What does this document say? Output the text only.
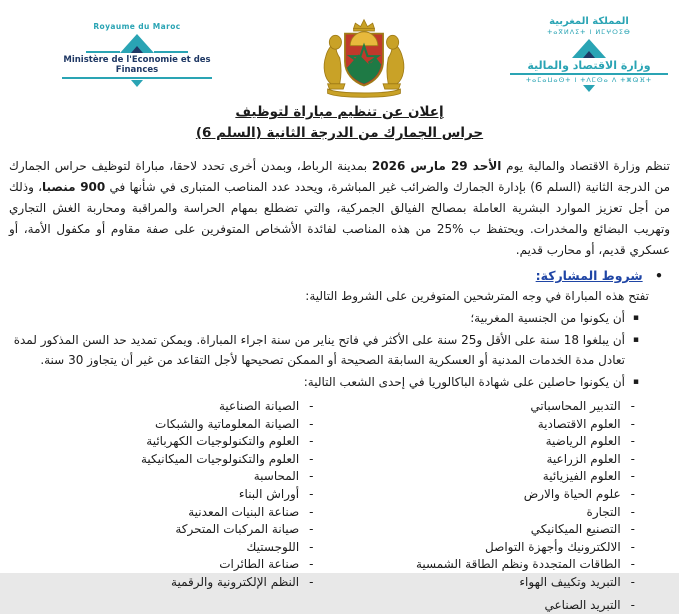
Royaume du Maroc
Ministère de l'Economie et des Finances
المملكة المغربية
ⵜⴰⴳⵍⴷⵉⵜ ⵏ ⵍⵎⵖⵔⵉⴱ
وزارة الاقتصاد والمالية
ⵜⴰⵎⴰⵡⴰⵙⵜ ⵏ ⵜⴷⵎⵙⴰ ⴷ ⵜⵥⵕⴼⵜ
إعلان عن تنظيم مباراة لتوظيف
حراس الجمارك من الدرجة الثانية (السلم 6)

تنظم وزارة الاقتصاد والمالية يوم الأحد 29 مارس 2026 بمدينة الرباط، وبمدن أخرى تحدد لاحقا، مباراة لتوظيف حراس الجمارك من الدرجة الثانية (السلم 6) بإدارة الجمارك والضرائب غير المباشرة، ويحدد عدد المناصب المتبارى في شأنها في 900 منصبا، وذلك من أجل تعزيز الموارد البشرية العاملة بمصالح الفيالق الجمركية، والتي تضطلع بمهام الحراسة والمراقبة ومحاربة الغش التجاري وتهريب البضائع والمخدرات. ويحتفظ ب %25 من هذه المناصب لفائدة الأشخاص المتوفرين على صفة مقاوم أو مكفول الأمة، أو عسكري قديم، أو محارب قديم.

• شروط المشاركة:
تفتح هذه المباراة في وجه المترشحين المتوفرين على الشروط التالية:
▪ أن يكونوا من الجنسية المغربية؛
▪ أن يبلغوا 18 سنة على الأقل و25 سنة على الأكثر في فاتح يناير من سنة اجراء المباراة. ويمكن تمديد حد السن المذكور لمدة تعادل مدة الخدمات المدنية أو العسكرية السابقة الصحيحة أو الممكن تصحيحها لأجل التقاعد من غير أن يتجاوز 30 سنة.
▪ أن يكونوا حاصلين على شهادة الباكالوريا في إحدى الشعب التالية:
- التدبير المحاسباتي
- العلوم الاقتصادية
- العلوم الرياضية
- العلوم الزراعية
- العلوم الفيزيائية
- علوم الحياة والارض
- التجارة
- التصنيع الميكانيكي
- الالكترونيك وأجهزة التواصل
- الطاقات المتجددة ونظم الطاقة الشمسية
- التبريد وتكييف الهواء
- التبريد الصناعي
- الصيانة الصناعية
- الصيانة المعلوماتية والشبكات
- العلوم والتكنولوجيات الكهربائية
- العلوم والتكنولوجيات الميكانيكية
- المحاسبة
- أوراش البناء
- صناعة البنيات المعدنية
- صيانة المركبات المتحركة
- اللوجستيك
- صناعة الطائرات
- النظم الإلكترونية والرقمية
